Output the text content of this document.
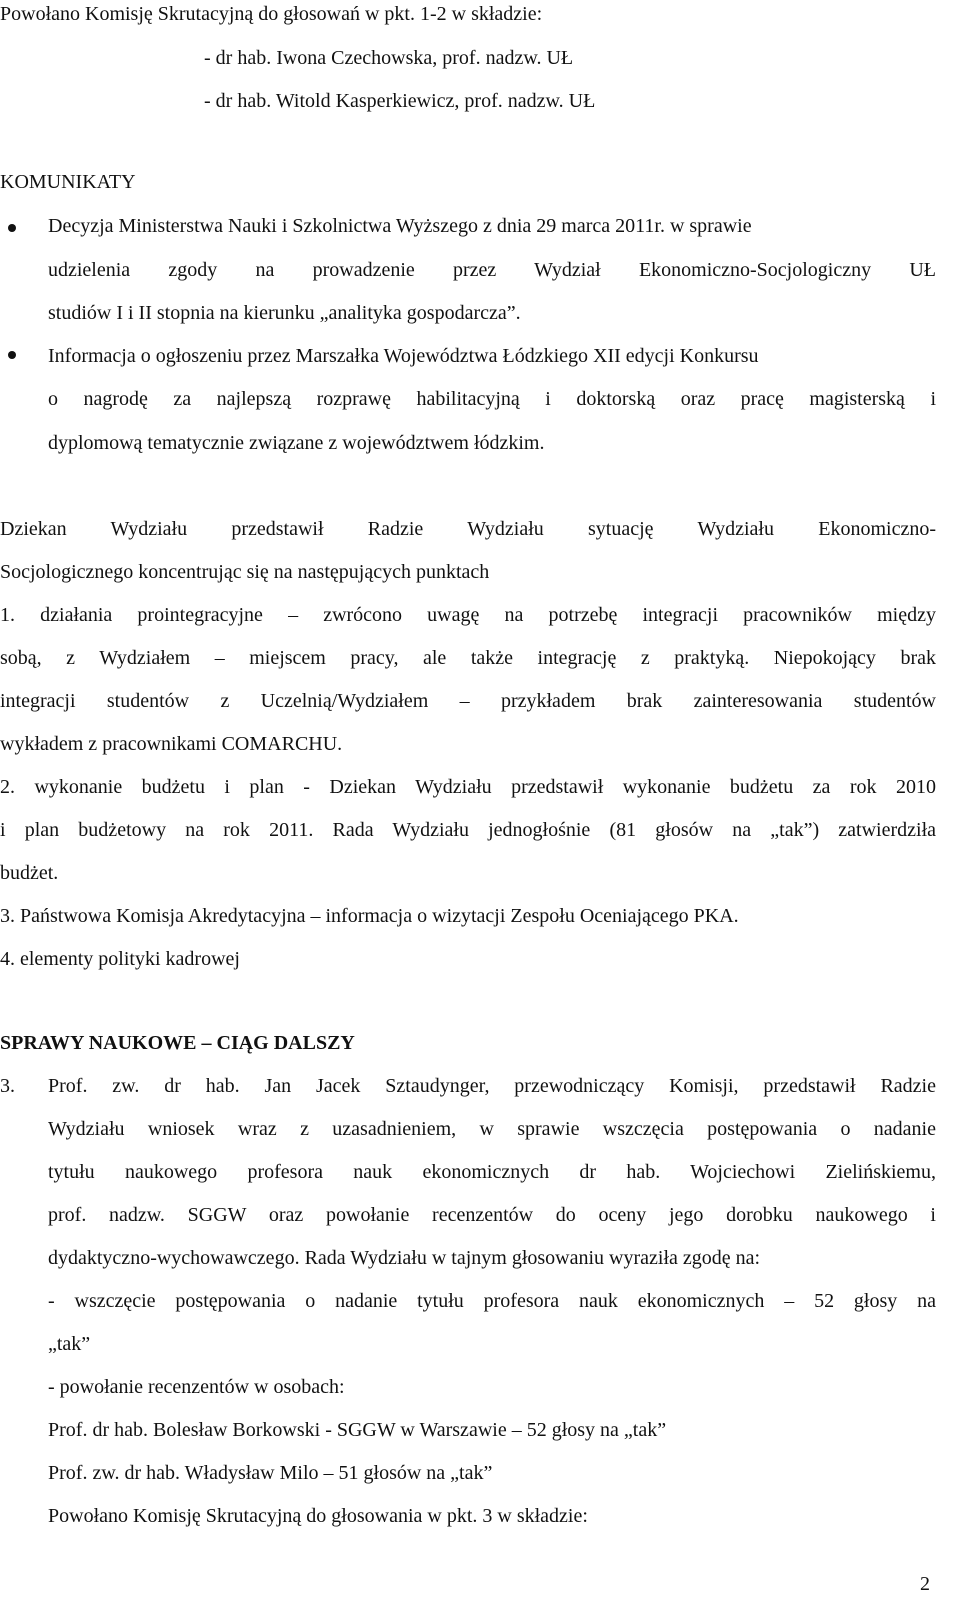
Powołano Komisję Skrutacyjną do głosowań w pkt. 1-2 w składzie:
- dr hab. Iwona Czechowska, prof. nadzw. UŁ
- dr hab. Witold Kasperkiewicz, prof. nadzw. UŁ
KOMUNIKATY
Decyzja Ministerstwa Nauki i Szkolnictwa Wyższego z dnia 29 marca 2011r. w sprawie
udzielenia zgody na prowadzenie przez Wydział Ekonomiczno-Socjologiczny UŁ
studiów I i II stopnia na kierunku „analityka gospodarcza”.
Informacja o ogłoszeniu przez Marszałka Województwa Łódzkiego XII edycji Konkursu
o nagrodę za najlepszą rozprawę habilitacyjną i doktorską oraz pracę magisterską i
dyplomową tematycznie związane z województwem łódzkim.
Dziekan Wydziału przedstawił Radzie Wydziału sytuację Wydziału Ekonomiczno-
Socjologicznego koncentrując się na następujących punktach
1. działania prointegracyjne – zwrócono uwagę na potrzebę integracji pracowników między
sobą, z Wydziałem – miejscem pracy, ale także integrację z praktyką. Niepokojący brak
integracji studentów z Uczelnią/Wydziałem – przykładem brak zainteresowania studentów
wykładem z pracownikami COMARCHU.
2. wykonanie budżetu i plan - Dziekan Wydziału przedstawił wykonanie budżetu za rok 2010
i plan budżetowy na rok 2011. Rada Wydziału jednogłośnie (81 głosów na „tak”) zatwierdziła
budżet.
3. Państwowa Komisja Akredytacyjna – informacja o wizytacji Zespołu Oceniającego PKA.
4. elementy polityki kadrowej
SPRAWY NAUKOWE – CIĄG DALSZY
3. Prof. zw. dr hab. Jan Jacek Sztaudynger, przewodniczący Komisji, przedstawił Radzie
Wydziału wniosek wraz z uzasadnieniem, w sprawie wszczęcia postępowania o nadanie
tytułu naukowego profesora nauk ekonomicznych dr hab. Wojciechowi Zielińskiemu,
prof. nadzw. SGGW oraz powołanie recenzentów do oceny jego dorobku naukowego i
dydaktyczno-wychowawczego. Rada Wydziału w tajnym głosowaniu wyraziła zgodę na:
- wszczęcie postępowania o nadanie tytułu profesora nauk ekonomicznych – 52 głosy na
„tak”
- powołanie recenzentów w osobach:
Prof. dr hab. Bolesław Borkowski - SGGW w Warszawie – 52 głosy na „tak”
Prof. zw. dr hab. Władysław Milo – 51 głosów na „tak”
Powołano Komisję Skrutacyjną do głosowania w pkt. 3 w składzie:
2
